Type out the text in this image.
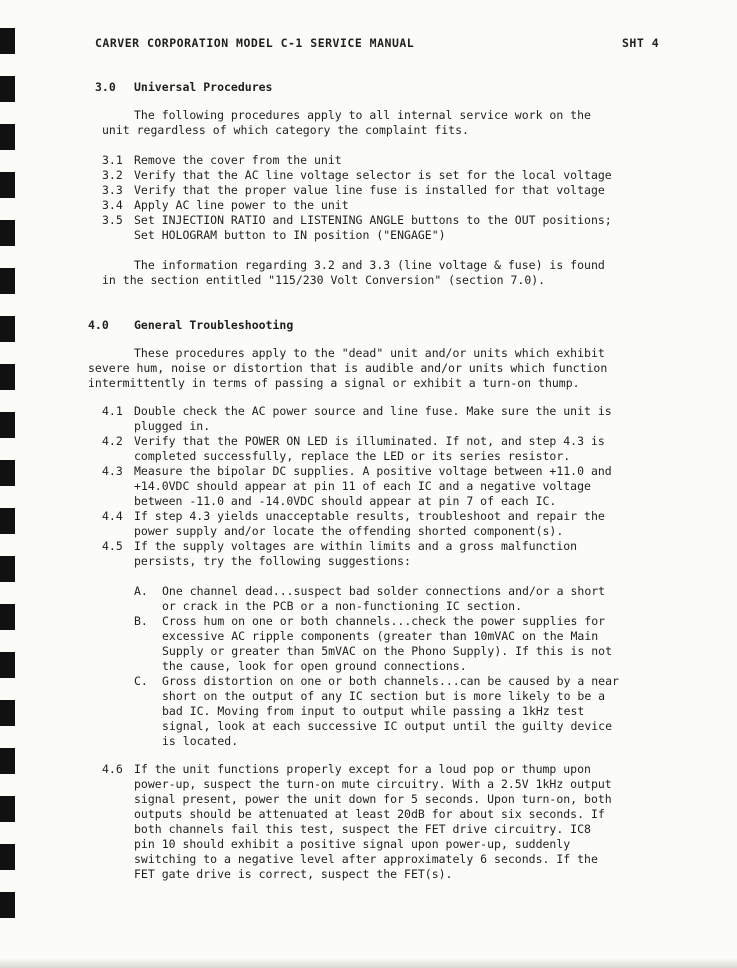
CARVER CORPORATION MODEL C-1 SERVICE MANUAL	SHT 4
3.0 Universal Procedures
The following procedures apply to all internal service work on the
unit regardless of which category the complaint fits.
3.1 Remove the cover from the unit
3.2 Verify that the AC line voltage selector is set for the local voltage
3.3 Verify that the proper value line fuse is installed for that voltage
3.4 Apply AC line power to the unit
3.5 Set INJECTION RATIO and LISTENING ANGLE buttons to the OUT positions;
Set HOLOGRAM button to IN position ("ENGAGE")
The information regarding 3.2 and 3.3 (line voltage & fuse) is found
in the section entitled "115/230 Volt Conversion" (section 7.0).
4.0 General Troubleshooting
These procedures apply to the "dead" unit and/or units which exhibit
severe hum, noise or distortion that is audible and/or units which function
intermittently in terms of passing a signal or exhibit a turn-on thump.
4.1 Double check the AC power source and line fuse. Make sure the unit is
plugged in.
4.2 Verify that the POWER ON LED is illuminated. If not, and step 4.3 is
completed successfully, replace the LED or its series resistor.
4.3 Measure the bipolar DC supplies. A positive voltage between +11.0 and
+14.0VDC should appear at pin 11 of each IC and a negative voltage
between -11.0 and -14.0VDC should appear at pin 7 of each IC.
4.4 If step 4.3 yields unacceptable results, troubleshoot and repair the
power supply and/or locate the offending shorted component(s).
4.5 If the supply voltages are within limits and a gross malfunction
persists, try the following suggestions:
A. One channel dead...suspect bad solder connections and/or a short
or crack in the PCB or a non-functioning IC section.
B. Cross hum on one or both channels...check the power supplies for
excessive AC ripple components (greater than 10mVAC on the Main
Supply or greater than 5mVAC on the Phono Supply). If this is not
the cause, look for open ground connections.
C. Gross distortion on one or both channels...can be caused by a near
short on the output of any IC section but is more likely to be a
bad IC. Moving from input to output while passing a 1kHz test
signal, look at each successive IC output until the guilty device
is located.
4.6 If the unit functions properly except for a loud pop or thump upon
power-up, suspect the turn-on mute circuitry. With a 2.5V 1kHz output
signal present, power the unit down for 5 seconds. Upon turn-on, both
outputs should be attenuated at least 20dB for about six seconds. If
both channels fail this test, suspect the FET drive circuitry. IC8
pin 10 should exhibit a positive signal upon power-up, suddenly
switching to a negative level after approximately 6 seconds. If the
FET gate drive is correct, suspect the FET(s).
